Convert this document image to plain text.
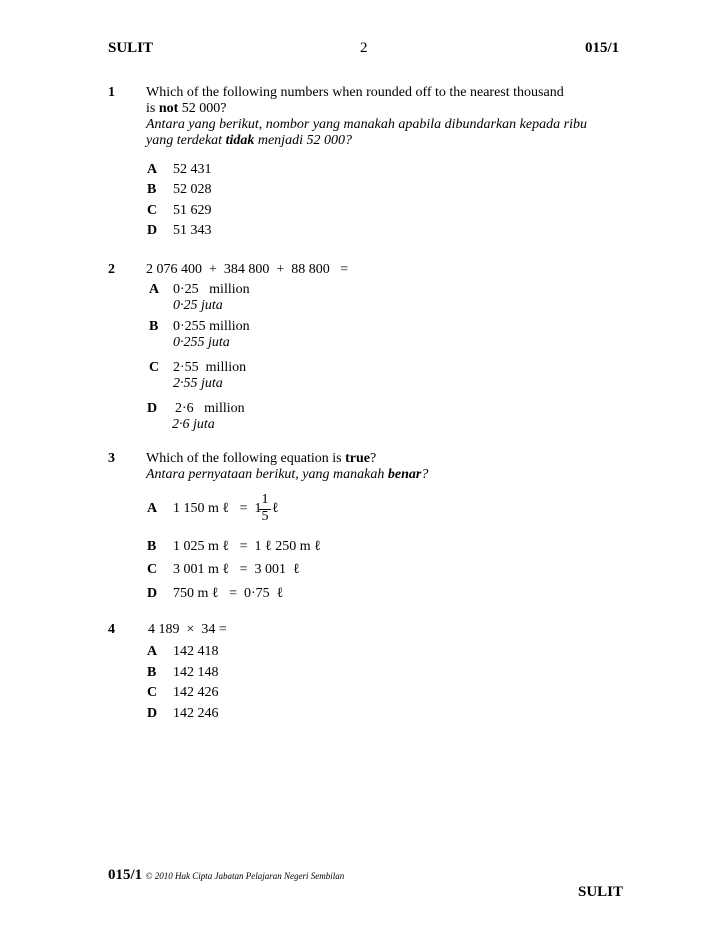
SULIT	2	015/1
1 Which of the following numbers when rounded off to the nearest thousand
is not 52 000?
Antara yang berikut, nombor yang manakah apabila dibundarkan kepada ribu
yang terdekat tidak menjadi 52 000?
A 52 431
B 52 028
C 51 629
D 51 343
2 2 076 400  +  384 800  +  88 800   =
A 0·25   million
0·25 juta
B 0·255 million
0·255 juta
C 2·55  million
2·55 juta
D 2·6   million
2·6 juta
3 Which of the following equation is true?
Antara pernyataan berikut, yang manakah benar?
A 1 150 m ℓ   =  1
1
5
ℓ
B 1 025 m ℓ   =  1 ℓ 250 m ℓ
C 3 001 m ℓ   =  3 001  ℓ
D 750 m ℓ   =  0·75  ℓ
4 4 189  ×  34 =
A 142 418
B 142 148
C 142 426
D 142 246
015/1 © 2010 Hak Cipta Jabatan Pelajaran Negeri Sembilan
SULIT
